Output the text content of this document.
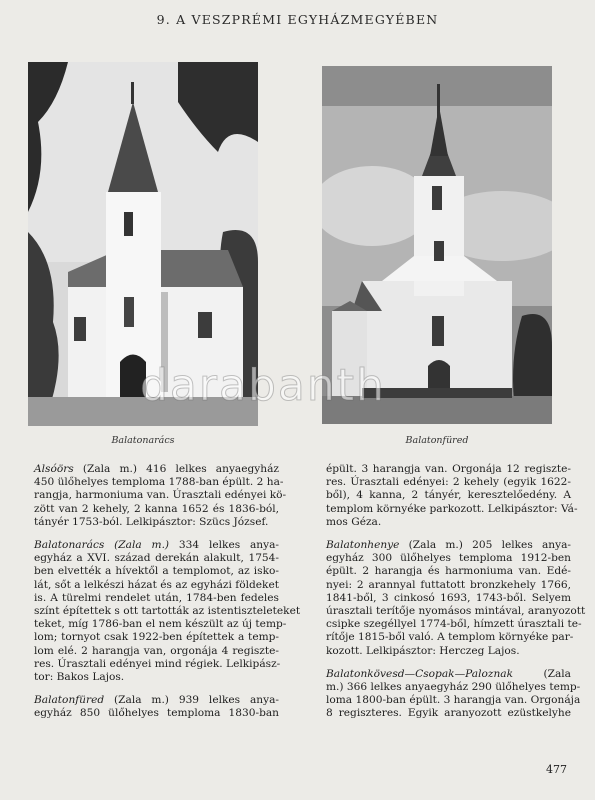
9. A VESZPRÉMI EGYHÁZMEGYÉBEN
Balatonarács	Balatonfüred
Alsóörs (Zala m.) 416 lelkes anyaegyház
450 ülőhelyes temploma 1788-ban épült. 2 ha-
rangja, harmoniuma van. Úrasztali edényei kö-
zött van 2 kehely, 2 kanna 1652 és 1836-ból,
tányér 1753-ból. Lelkipásztor: Szücs József.
Balatonarács (Zala m.) 334 lelkes anya-
egyház a XVI. század derekán alakult, 1754-
ben elvették a hívektől a templomot, az isko-
lát, sőt a lelkészi házat és az egyházi földeket
is. A türelmi rendelet után, 1784-ben fedeles
színt építettek s ott tartották az istentiszteleteket
teket, míg 1786-ban el nem készült az új temp-
lom; tornyot csak 1922-ben építettek a temp-
lom elé. 2 harangja van, orgonája 4 regiszte-
res. Úrasztali edényei mind régiek. Lelkipász-
tor: Bakos Lajos.
Balatonfüred (Zala m.) 939 lelkes anya-
egyház 850 ülőhelyes temploma 1830-ban
épült. 3 harangja van. Orgonája 12 regiszte-
res. Úrasztali edényei: 2 kehely (egyik 1622-
ből), 4 kanna, 2 tányér, keresztelőedény. A
templom környéke parkozott. Lelkipásztor: Vá-
mos Géza.
Balatonhenye (Zala m.) 205 lelkes anya-
egyház 300 ülőhelyes temploma 1912-ben
épült. 2 harangja és harmoniuma van. Edé-
nyei: 2 arannyal futtatott bronzkehely 1766,
1841-ből, 3 cinkosó 1693, 1743-ből. Selyem
úrasztali terítője nyomásos mintával, aranyozott
csipke szegéllyel 1774-ből, hímzett úrasztali te-
rítője 1815-ből való. A templom környéke par-
kozott. Lelkipásztor: Herczeg Lajos.
Balatonkövesd—Csopak—Paloznak (Zala
m.) 366 lelkes anyaegyház 290 ülőhelyes temp-
loma 1800-ban épült. 3 harangja van. Orgonája
8 regiszteres. Egyik aranyozott ezüstkelyhe
darabanth
477
